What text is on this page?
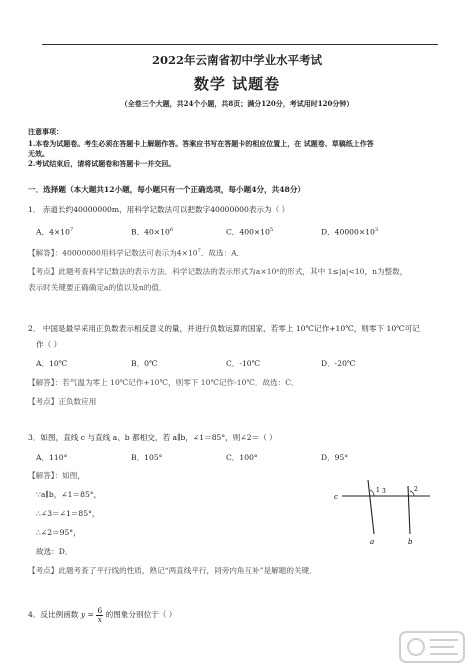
2022年云南省初中学业水平考试
数学 试题卷
（全卷三个大题，共24个小题，共8页；满分120分，考试用时120分钟）
注意事项：
1.本卷为试题卷。考生必须在答题卡上解题作答。答案应书写在答题卡的相应位置上，在 试题卷、草稿纸上作答
无效。
2.考试结束后，请将试题卷和答题卡一并交回。
一．选择题（本大题共12小题，每小题只有一个正确选项，每小题4分，共48分）
1． 赤道长约40000000m，用科学记数法可以把数字40000000表示为（ ）
A．$4\times 10^7$	B．$40\times 10^6$	C．$400\times 10^5$	D．$40000\times 10^3$
【解答】：40000000用科学记数法可表示为$4\times 10^7$．故选：A．
【考点】此题考查科学记数法的表示方法．科学记数法的表示形式为a×10ⁿ的形式，其中 1≤|a|<10，n为整数，
表示时关键要正确确定a的值以及n的值．
2． 中国是最早采用正负数表示相反意义的量，并进行负数运算的国家，若零上 10℃记作+10℃，则零下 10℃可记
作（ ）
A．10℃	B．0℃	C．-10℃	D．-20℃
【解答】：若气温为零上 10℃记作+10℃，则零下 10℃记作-10℃．故选：C．
【考点】正负数应用
3．如图，直线 c 与直线 a、b 都相交，若 a∥b，∠1＝85°，则∠2＝（ ）
A．110°	B．105°	C．100°	D．95°
【解答】：如图，
∵a∥b，∠1＝85°，
∴∠3＝∠1＝85°，
∴∠2＝95°，
故选：D．
【考点】此题考查了平行线的性质，熟记“两直线平行，同旁内角互补”是解题的关键．
c
a	b
1	2
3
4．反比例函数 $y = \frac{6}{x}$ 的图象分别位于（ ）
